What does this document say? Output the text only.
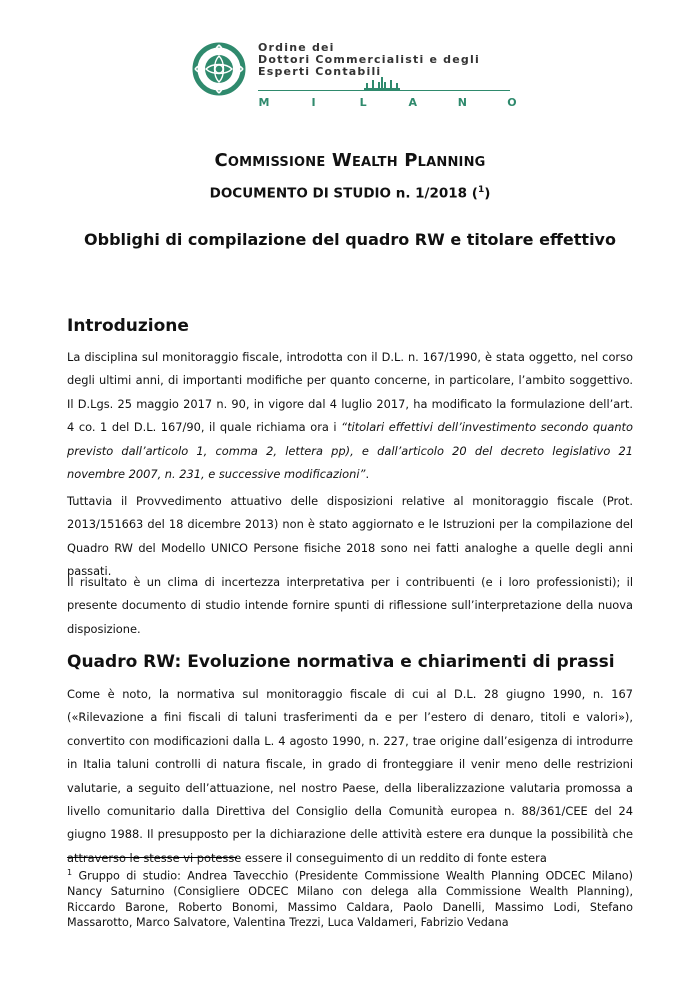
Ordine dei
Dottori Commercialisti e degli
Esperti Contabili
M	I	L	A	N	O
Commissione Wealth Planning
DOCUMENTO DI STUDIO n. 1/2018 ($^1$)
Obblighi di compilazione del quadro RW e titolare effettivo
Introduzione

La disciplina sul monitoraggio fiscale, introdotta con il D.L. n. 167/1990, è stata oggetto, nel corso degli ultimi anni, di importanti modifiche per quanto concerne, in particolare, l’ambito soggettivo. Il D.Lgs. 25 maggio 2017 n. 90, in vigore dal 4 luglio 2017, ha modificato la formulazione dell’art. 4 co. 1 del D.L. 167/90, il quale richiama ora i “titolari effettivi dell’investimento secondo quanto previsto dall’articolo 1, comma 2, lettera pp), e dall’articolo 20 del decreto legislativo 21 novembre 2007, n. 231, e successive modificazioni”.

Tuttavia il Provvedimento attuativo delle disposizioni relative al monitoraggio fiscale (Prot. 2013/151663 del 18 dicembre 2013) non è stato aggiornato e le Istruzioni per la compilazione del Quadro RW del Modello UNICO Persone fisiche 2018 sono nei fatti analoghe a quelle degli anni passati.

Il risultato è un clima di incertezza interpretativa per i contribuenti (e i loro professionisti); il presente documento di studio intende fornire spunti di riflessione sull’interpretazione della nuova disposizione.

Quadro RW: Evoluzione normativa e chiarimenti di prassi

Come è noto, la normativa sul monitoraggio fiscale di cui al D.L. 28 giugno 1990, n. 167 («Rilevazione a fini fiscali di taluni trasferimenti da e per l’estero di denaro, titoli e valori»), convertito con modificazioni dalla L. 4 agosto 1990, n. 227, trae origine dall’esigenza di introdurre in Italia taluni controlli di natura fiscale, in grado di fronteggiare il venir meno delle restrizioni valutarie, a seguito dell’attuazione, nel nostro Paese, della liberalizzazione valutaria promossa a livello comunitario dalla Direttiva del Consiglio della Comunità europea n. 88/361/CEE del 24 giugno 1988. Il presupposto per la dichiarazione delle attività estere era dunque la possibilità che attraverso le stesse vi potesse essere il conseguimento di un reddito di fonte estera

$^1$ Gruppo di studio: Andrea Tavecchio (Presidente Commissione Wealth Planning ODCEC Milano) Nancy Saturnino (Consigliere ODCEC Milano con delega alla Commissione Wealth Planning), Riccardo Barone, Roberto Bonomi, Massimo Caldara, Paolo Danelli, Massimo Lodi, Stefano Massarotto, Marco Salvatore, Valentina Trezzi, Luca Valdameri, Fabrizio Vedana
